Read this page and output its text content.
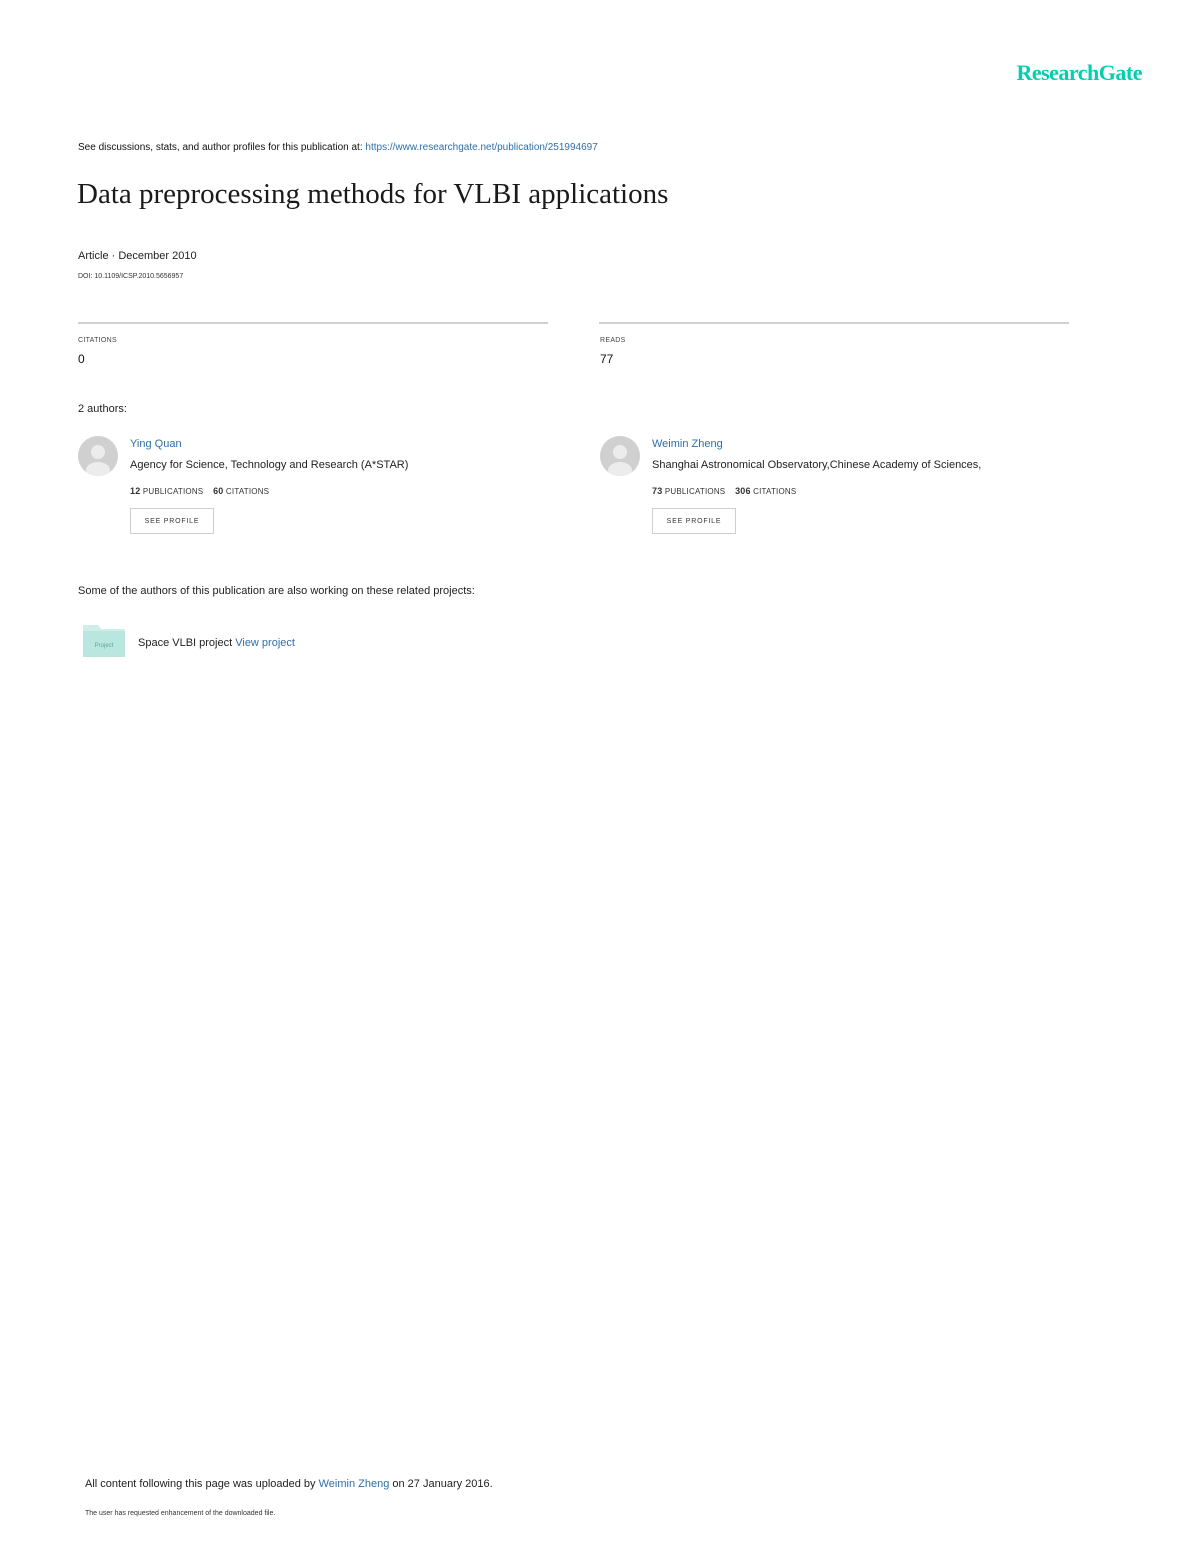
ResearchGate
See discussions, stats, and author profiles for this publication at: https://www.researchgate.net/publication/251994697
Data preprocessing methods for VLBI applications
Article · December 2010
DOI: 10.1109/ICSP.2010.5656957
CITATIONS
0
READS
77
2 authors:
Ying Quan
Agency for Science, Technology and Research (A*STAR)
12 PUBLICATIONS 60 CITATIONS
SEE PROFILE
Weimin Zheng
Shanghai Astronomical Observatory,Chinese Academy of Sciences,
73 PUBLICATIONS 306 CITATIONS
SEE PROFILE
Some of the authors of this publication are also working on these related projects:
Project Space VLBI project View project
All content following this page was uploaded by Weimin Zheng on 27 January 2016.
The user has requested enhancement of the downloaded file.
